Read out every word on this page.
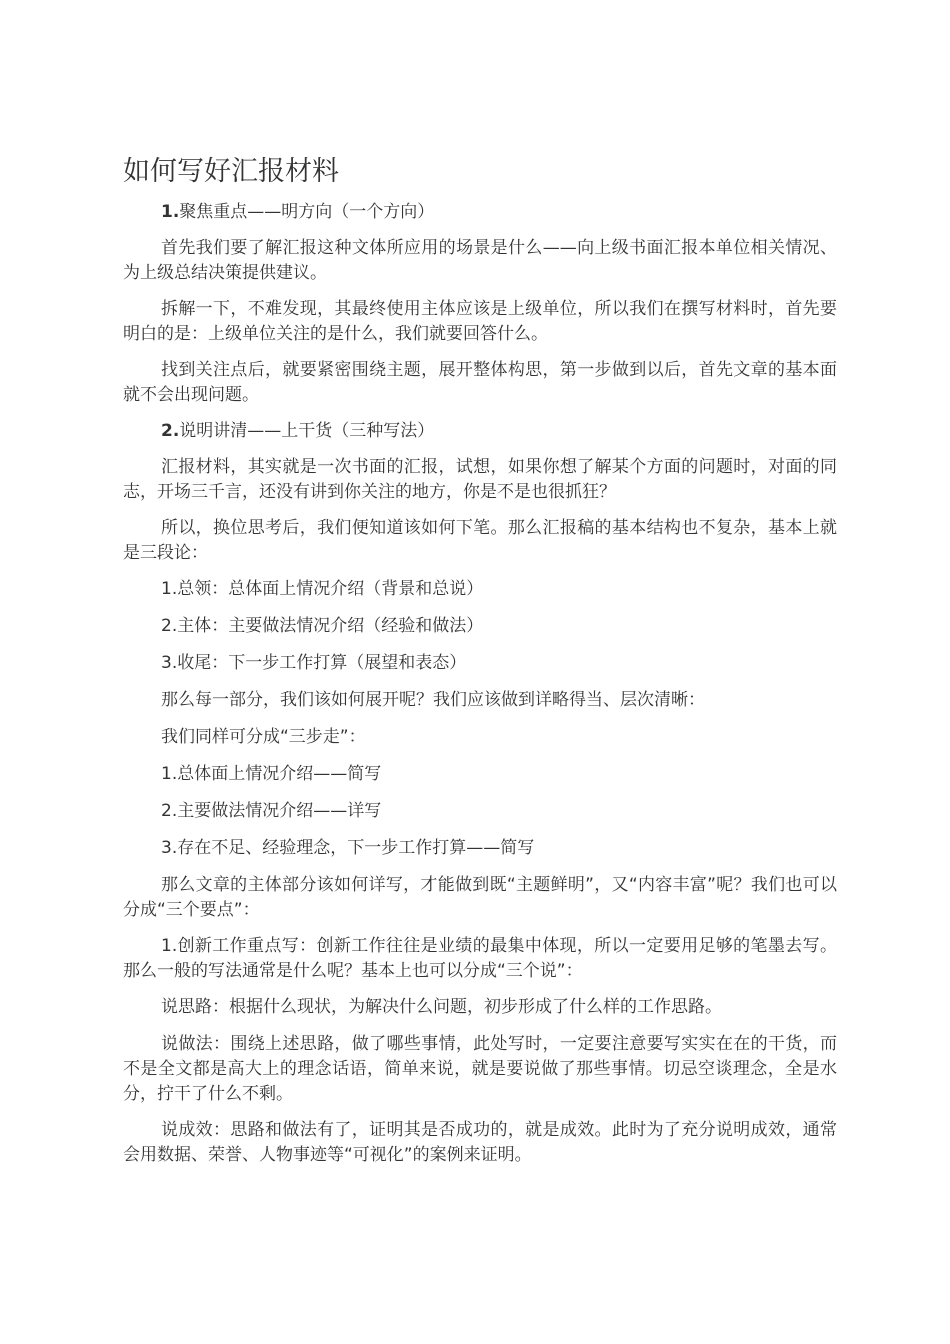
如何写好汇报材料

1.聚焦重点——明方向（一个方向）

首先我们要了解汇报这种文体所应用的场景是什么——向上级书面汇报本单位相关情况、为上级总结决策提供建议。

拆解一下，不难发现，其最终使用主体应该是上级单位，所以我们在撰写材料时，首先要明白的是：上级单位关注的是什么，我们就要回答什么。

找到关注点后，就要紧密围绕主题，展开整体构思，第一步做到以后，首先文章的基本面就不会出现问题。

2.说明讲清——上干货（三种写法）

汇报材料，其实就是一次书面的汇报，试想，如果你想了解某个方面的问题时，对面的同志，开场三千言，还没有讲到你关注的地方，你是不是也很抓狂？

所以，换位思考后，我们便知道该如何下笔。那么汇报稿的基本结构也不复杂，基本上就是三段论：

1.总领：总体面上情况介绍（背景和总说）

2.主体：主要做法情况介绍（经验和做法）

3.收尾：下一步工作打算（展望和表态）

那么每一部分，我们该如何展开呢？我们应该做到详略得当、层次清晰：

我们同样可分成“三步走”：

1.总体面上情况介绍——简写

2.主要做法情况介绍——详写

3.存在不足、经验理念，下一步工作打算——简写

那么文章的主体部分该如何详写，才能做到既“主题鲜明”，又“内容丰富”呢？我们也可以分成“三个要点”：

1.创新工作重点写：创新工作往往是业绩的最集中体现，所以一定要用足够的笔墨去写。那么一般的写法通常是什么呢？基本上也可以分成“三个说”：

说思路：根据什么现状，为解决什么问题，初步形成了什么样的工作思路。

说做法：围绕上述思路，做了哪些事情，此处写时，一定要注意要写实实在在的干货，而不是全文都是高大上的理念话语，简单来说，就是要说做了那些事情。切忌空谈理念，全是水分，拧干了什么不剩。

说成效：思路和做法有了，证明其是否成功的，就是成效。此时为了充分说明成效，通常会用数据、荣誉、人物事迹等“可视化”的案例来证明。
